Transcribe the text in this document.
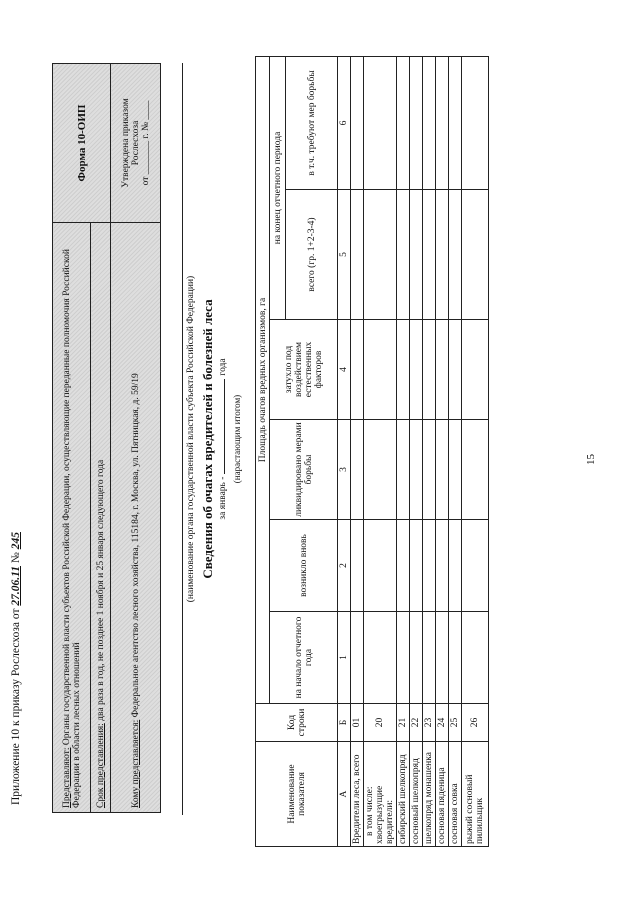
Приложение 10 к приказу Рослесхоза от 27.06.11 № 245
Представляют: Органы государственной власти субъектов Российской Федерации, осуществляющие переданные полномочия Российской Федерации в области лесных отношений	Форма 10-ОИП
Срок представления: два раза в год, не позднее 1 ноября и 25 января следующего года	
Кому представляется: Федеральное агентство лесного хозяйства, 115184, г. Москва, ул. Пятницкая, д. 59/19	Утверждена приказом Рослесхоза от _______ г. № ____
(наименование органа государственной власти субъекта Российской Федерации) Сведения об очагах вредителей и болезней леса за январь -года
(нарастающим итогом)
Наименование показателя	Код строки	Площадь очагов вредных организмов, га					
		на начало отчетного года	возникло вновь	ликвидировано мерами борьбы	затухло под воздействием естественных факторов	на конец отчетного периода	
						всего (гр. 1+2-3-4)	в т.ч. требуют мер борьбы
А	Б	1	2	3	4	5	6
Вредители леса, всего	01						

в том числе: хвоегрызущие вредители:	20						
сибирский шелкопряд	21						
сосновый шелкопряд	22						
шелкопряд монашенка	23						
сосновая пяденица	24						
сосновая совка	25						
рыжий сосновый пилильщик	26						
15
